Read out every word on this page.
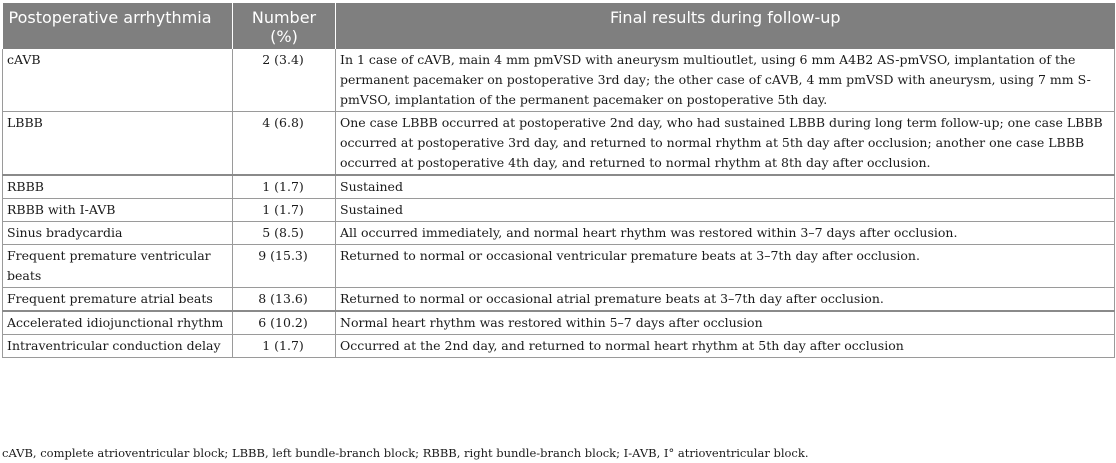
Postoperative arrhythmia	Number (%)	Final results during follow-up
cAVB	2 (3.4)	In 1 case of cAVB, main 4 mm pmVSD with aneurysm multioutlet, using 6 mm A4B2 AS-pmVSO, implantation of the permanent pacemaker on postoperative 3rd day; the other case of cAVB, 4 mm pmVSD with aneurysm, using 7 mm S-pmVSO, implantation of the permanent pacemaker on postoperative 5th day.
LBBB	4 (6.8)	One case LBBB occurred at postoperative 2nd day, who had sustained LBBB during long term follow-up; one case LBBB occurred at postoperative 3rd day, and returned to normal rhythm at 5th day after occlusion; another one case LBBB occurred at postoperative 4th day, and returned to normal rhythm at 8th day after occlusion.
RBBB	1 (1.7)	Sustained
RBBB with I-AVB	1 (1.7)	Sustained
Sinus bradycardia	5 (8.5)	All occurred immediately, and normal heart rhythm was restored within 3–7 days after occlusion.
Frequent premature ventricular beats	9 (15.3)	Returned to normal or occasional ventricular premature beats at 3–7th day after occlusion.
Frequent premature atrial beats	8 (13.6)	Returned to normal or occasional atrial premature beats at 3–7th day after occlusion.
Accelerated idiojunctional rhythm	6 (10.2)	Normal heart rhythm was restored within 5–7 days after occlusion
Intraventricular conduction delay	1 (1.7)	Occurred at the 2nd day, and returned to normal heart rhythm at 5th day after occlusion
cAVB, complete atrioventricular block; LBBB, left bundle-branch block; RBBB, right bundle-branch block; I-AVB, I° atrioventricular block.
